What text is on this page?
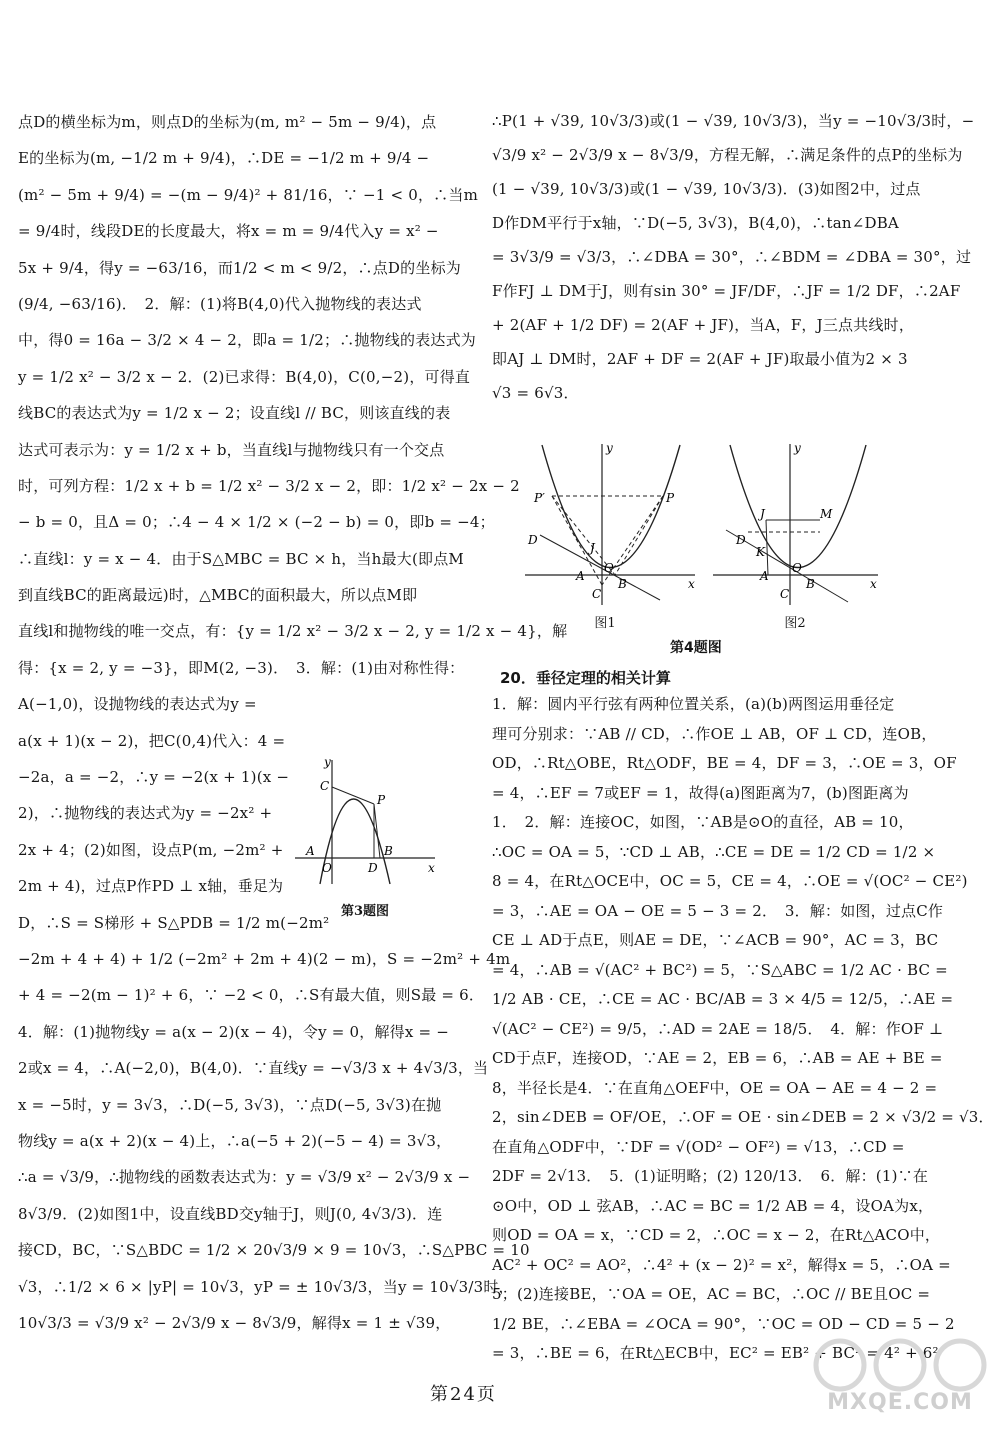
点D的横坐标为m，则点D的坐标为(m, m² − 5m − 9/4)，点
E的坐标为(m, −1/2 m + 9/4)，∴DE = −1/2 m + 9/4 −
(m² − 5m + 9/4) = −(m − 9/4)² + 81/16，∵ −1 < 0，∴当m
= 9/4时，线段DE的长度最大，将x = m = 9/4代入y = x² −
5x + 9/4，得y = −63/16，而1/2 < m < 9/2，∴点D的坐标为
(9/4, −63/16)．　2．解：(1)将B(4,0)代入抛物线的表达式
中，得0 = 16a − 3/2 × 4 − 2，即a = 1/2；∴抛物线的表达式为
y = 1/2 x² − 3/2 x − 2．(2)已求得：B(4,0)，C(0,−2)，可得直
线BC的表达式为y = 1/2 x − 2；设直线l // BC，则该直线的表
达式可表示为：y = 1/2 x + b，当直线l与抛物线只有一个交点
时，可列方程：1/2 x + b = 1/2 x² − 3/2 x − 2，即：1/2 x² − 2x − 2
− b = 0，且Δ = 0；∴4 − 4 × 1/2 × (−2 − b) = 0，即b = −4；
∴直线l：y = x − 4．由于S△MBC = BC × h，当h最大(即点M
到直线BC的距离最远)时，△MBC的面积最大，所以点M即
直线l和抛物线的唯一交点，有：{y = 1/2 x² − 3/2 x − 2, y = 1/2 x − 4}，解
得：{x = 2, y = −3}，即M(2, −3)．　3．解：(1)由对称性得：
A(−1,0)，设抛物线的表达式为y =
a(x + 1)(x − 2)，把C(0,4)代入：4 =
−2a，a = −2，∴y = −2(x + 1)(x −
2)，∴抛物线的表达式为y = −2x² +
2x + 4；(2)如图，设点P(m, −2m² +
2m + 4)，过点P作PD ⊥ x轴，垂足为
D，∴S = S梯形 + S△PDB = 1/2 m(−2m²
−2m + 4 + 4) + 1/2 (−2m² + 2m + 4)(2 − m)，S = −2m² + 4m
+ 4 = −2(m − 1)² + 6，∵ −2 < 0，∴S有最大值，则S最 = 6．
4．解：(1)抛物线y = a(x − 2)(x − 4)，令y = 0，解得x = −
2或x = 4，∴A(−2,0)，B(4,0)．∵直线y = −√3/3 x + 4√3/3，当
x = −5时，y = 3√3，∴D(−5, 3√3)，∵点D(−5, 3√3)在抛
物线y = a(x + 2)(x − 4)上，∴a(−5 + 2)(−5 − 4) = 3√3，
∴a = √3/9，∴抛物线的函数表达式为：y = √3/9 x² − 2√3/9 x −
8√3/9．(2)如图1中，设直线BD交y轴于J，则J(0, 4√3/3)．连
接CD，BC，∵S△BDC = 1/2 × 20√3/9 × 9 = 10√3，∴S△PBC = 10
√3，∴1/2 × 6 × |yP| = 10√3，yP = ± 10√3/3，当y = 10√3/3时，
10√3/3 = √3/9 x² − 2√3/9 x − 8√3/9，解得x = 1 ± √39，
∴P(1 + √39, 10√3/3)或(1 − √39, 10√3/3)，当y = −10√3/3时，−
√3/9 x² − 2√3/9 x − 8√3/9，方程无解，∴满足条件的点P的坐标为
(1 − √39, 10√3/3)或(1 − √39, 10√3/3)．(3)如图2中，过点
D作DM平行于x轴，∵D(−5, 3√3)，B(4,0)，∴tan∠DBA
= 3√3/9 = √3/3，∴∠DBA = 30°，∴∠BDM = ∠DBA = 30°，过
F作FJ ⊥ DM于J，则有sin 30° = JF/DF，∴JF = 1/2 DF，∴2AF
+ 2(AF + 1/2 DF) = 2(AF + JF)，当A，F，J三点共线时，
即AJ ⊥ DM时，2AF + DF = 2(AF + JF)取最小值为2 × 3
√3 = 6√3．
y
x
C
P
A
O	D
B
第3题图
y
x
P′	P
D
J
A
O
B
C
图1
y
x
J	M
D
K
A
O
B
C
图2
第4题图
20．垂径定理的相关计算
1．解：圆内平行弦有两种位置关系，(a)(b)两图运用垂径定
理可分别求：∵AB // CD，∴作OE ⊥ AB，OF ⊥ CD，连OB，
OD，∴Rt△OBE，Rt△ODF，BE = 4，DF = 3，∴OE = 3，OF
= 4，∴EF = 7或EF = 1，故得(a)图距离为7，(b)图距离为
1．　2．解：连接OC，如图，∵AB是⊙O的直径，AB = 10，
∴OC = OA = 5，∵CD ⊥ AB，∴CE = DE = 1/2 CD = 1/2 ×
8 = 4，在Rt△OCE中，OC = 5，CE = 4，∴OE = √(OC² − CE²)
= 3，∴AE = OA − OE = 5 − 3 = 2．　3．解：如图，过点C作
CE ⊥ AD于点E，则AE = DE，∵∠ACB = 90°，AC = 3，BC
= 4，∴AB = √(AC² + BC²) = 5，∵S△ABC = 1/2 AC · BC =
1/2 AB · CE，∴CE = AC · BC/AB = 3 × 4/5 = 12/5，∴AE =
√(AC² − CE²) = 9/5，∴AD = 2AE = 18/5．　4．解：作OF ⊥
CD于点F，连接OD，∵AE = 2，EB = 6，∴AB = AE + BE =
8，半径长是4．∵在直角△OEF中，OE = OA − AE = 4 − 2 =
2，sin∠DEB = OF/OE，∴OF = OE · sin∠DEB = 2 × √3/2 = √3．
在直角△ODF中，∵DF = √(OD² − OF²) = √13，∴CD =
2DF = 2√13．　5．(1)证明略；(2) 120/13．　6．解：(1)∵在
⊙O中，OD ⊥ 弦AB，∴AC = BC = 1/2 AB = 4，设OA为x，
则OD = OA = x，∵CD = 2，∴OC = x − 2，在Rt△ACO中，
AC² + OC² = AO²，∴4² + (x − 2)² = x²，解得x = 5，∴OA =
5；(2)连接BE，∵OA = OE，AC = BC，∴OC // BE且OC =
1/2 BE，∴∠EBA = ∠OCA = 90°，∵OC = OD − CD = 5 − 2
= 3，∴BE = 6，在Rt△ECB中，EC² = EB² + BC² = 4² + 6²
第24页	MXQE.COM
